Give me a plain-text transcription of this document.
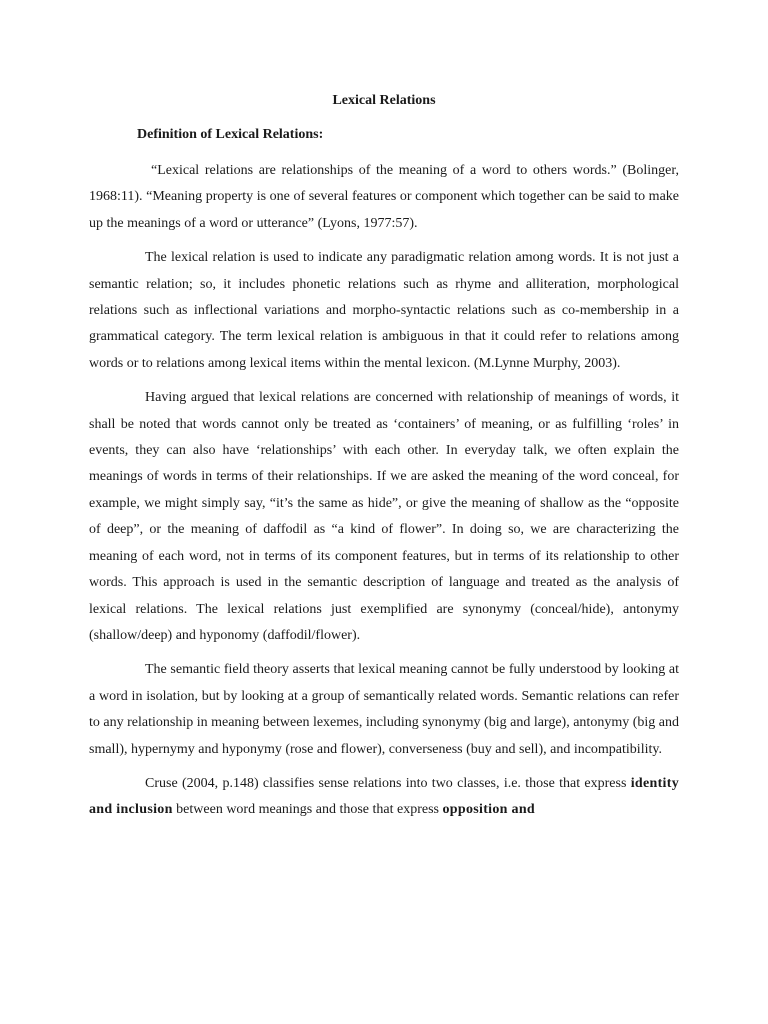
Lexical Relations
Definition of Lexical Relations:

“Lexical relations are relationships of the meaning of a word to others words.” (Bolinger, 1968:11). “Meaning property is one of several features or component which together can be said to make up the meanings of a word or utterance” (Lyons, 1977:57).

The lexical relation is used to indicate any paradigmatic relation among words. It is not just a semantic relation; so, it includes phonetic relations such as rhyme and alliteration, morphological relations such as inflectional variations and morpho-syntactic relations such as co-membership in a grammatical category. The term lexical relation is ambiguous in that it could refer to relations among words or to relations among lexical items within the mental lexicon. (M.Lynne Murphy, 2003).

Having argued that lexical relations are concerned with relationship of meanings of words, it shall be noted that words cannot only be treated as ‘containers’ of meaning, or as fulfilling ‘roles’ in events, they can also have ‘relationships’ with each other. In everyday talk, we often explain the meanings of words in terms of their relationships. If we are asked the meaning of the word conceal, for example, we might simply say, “it’s the same as hide”, or give the meaning of shallow as the “opposite of deep”, or the meaning of daffodil as “a kind of flower”. In doing so, we are characterizing the meaning of each word, not in terms of its component features, but in terms of its relationship to other words. This approach is used in the semantic description of language and treated as the analysis of lexical relations. The lexical relations just exemplified are synonymy (conceal/hide), antonymy (shallow/deep) and hyponomy (daffodil/flower).

The semantic field theory asserts that lexical meaning cannot be fully understood by looking at a word in isolation, but by looking at a group of semantically related words. Semantic relations can refer to any relationship in meaning between lexemes, including synonymy (big and large), antonymy (big and small), hypernymy and hyponymy (rose and flower), converseness (buy and sell), and incompatibility.

Cruse (2004, p.148) classifies sense relations into two classes, i.e. those that express identity and inclusion between word meanings and those that express opposition and
